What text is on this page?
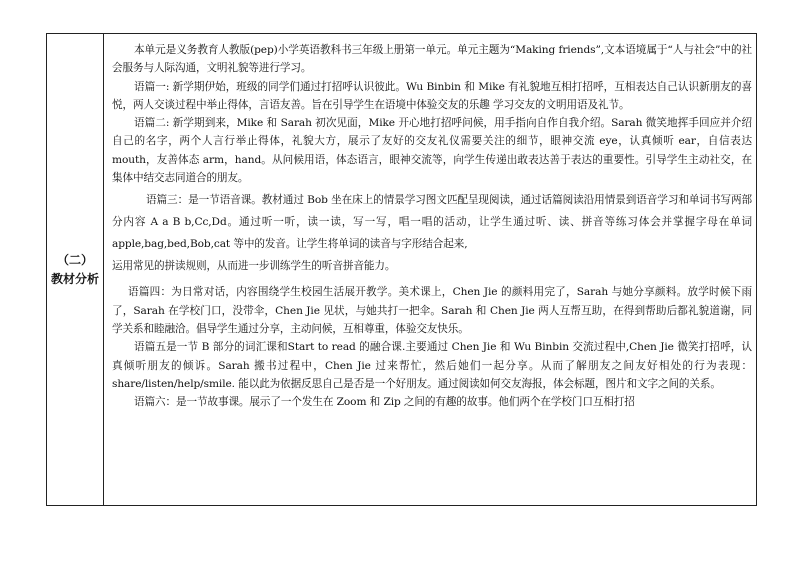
（二）
教材分析

本单元是义务教育人教版(pep)小学英语教科书三年级上册第一单元。单元主题为“Making friends”,文本语境属于“人与社会”中的社会服务与人际沟通，文明礼貌等进行学习。

语篇一: 新学期伊始，班级的同学们通过打招呼认识彼此。Wu Binbin 和 Mike 有礼貌地互相打招呼，互相表达自己认识新朋友的喜悦，两人交谈过程中举止得体，言语友善。旨在引导学生在语境中体验交友的乐趣 学习交友的文明用语及礼节。

语篇二: 新学期到来，Mike 和 Sarah 初次见面，Mike 开心地打招呼问候，用手指向自作自我介绍。Sarah 微笑地挥手回应并介绍自己的名字，两个人言行举止得体，礼貌大方，展示了友好的交友礼仪需要关注的细节，眼神交流 eye，认真倾听 ear，自信表达 mouth，友善体态 arm，hand。从问候用语，体态语言，眼神交流等，向学生传递出敢表达善于表达的重要性。引导学生主动社交，在集体中结交志同道合的朋友。

语篇三：是一节语音课。教材通过 Bob 坐在床上的情景学习图文匹配呈现阅读，通过话篇阅读沿用情景到语音学习和单词书写两部分内容 A a B b,Cc,Dd。通过听一听，读一读，写一写，唱一唱的活动，让学生通过听、读、拼音等练习体会并掌握字母在单词 apple,bag,bed,Bob,cat 等中的发音。让学生将单词的读音与字形结合起来,

运用常见的拼读规则，从而进一步训练学生的听音拼音能力。

语篇四：为日常对话，内容围绕学生校园生活展开教学。美术课上，Chen Jie 的颜料用完了，Sarah 与她分享颜料。放学时候下雨了，Sarah 在学校门口，没带伞，Chen Jie 见状，与她共打一把伞。Sarah 和 Chen Jie 两人互帮互助，在得到帮助后都礼貌道谢，同学关系和睦融洽。倡导学生通过分享，主动问候，互相尊重，体验交友快乐。

语篇五是一节 B 部分的词汇课和Start to read 的融合课.主要通过 Chen Jie 和 Wu Binbin 交流过程中,Chen Jie 微笑打招呼，认真倾听朋友的倾诉。Sarah 搬书过程中，Chen Jie 过来帮忙，然后她们一起分享。从而了解朋友之间友好相处的行为表现：share/listen/help/smile. 能以此为依据反思自己是否是一个好朋友。通过阅读如何交友海报，体会标题，图片和文字之间的关系。

语篇六：是一节故事课。展示了一个发生在 Zoom 和 Zip 之间的有趣的故事。他们两个在学校门口互相打招
